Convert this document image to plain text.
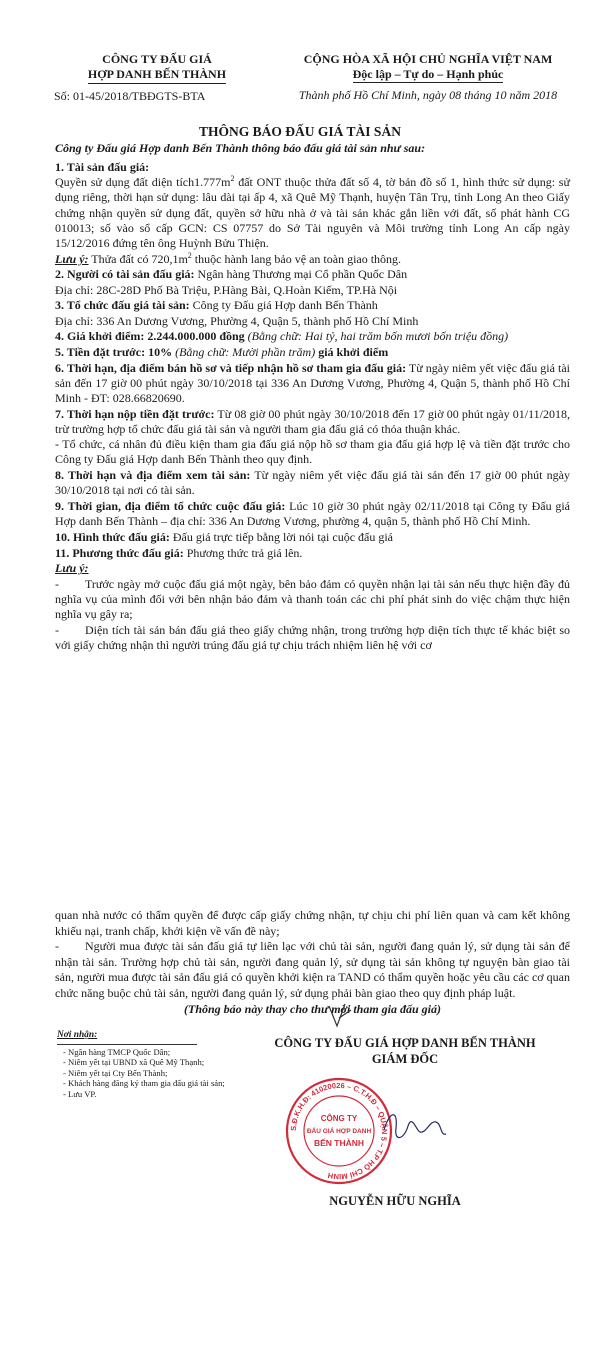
CÔNG TY ĐẤU GIÁ
HỢP DANH BẾN THÀNH
Số: 01-45/2018/TBĐGTS-BTA
CỘNG HÒA XÃ HỘI CHỦ NGHĨA VIỆT NAM
Độc lập – Tự do – Hạnh phúc
Thành phố Hồ Chí Minh, ngày 08 tháng 10 năm 2018
THÔNG BÁO ĐẤU GIÁ TÀI SẢN
Công ty Đấu giá Hợp danh Bến Thành thông báo đấu giá tài sản như sau:

1. Tài sản đấu giá:
Quyền sử dụng đất diện $tích1.777m^2$ đất ONT thuộc thửa đất số 4, tờ bản đồ số 1, hình thức sử dụng: sử dụng riêng, thời hạn sử dụng: lâu dài tại ấp 4, xã Quê Mỹ Thạnh, huyện Tân Trụ, tỉnh Long An theo Giấy chứng nhận quyền sử dụng đất, quyền sở hữu nhà ở và tài sản khác gắn liền với đất, số phát hành CG 010013; số vào sổ cấp GCN: CS 07757 do Sở Tài nguyên và Môi trường tỉnh Long An cấp ngày 15/12/2016 đứng tên ông Huỳnh Bửu Thiện.

Lưu ý: Thửa đất có $720,1m^2$ thuộc hành lang bảo vệ an toàn giao thông.

2. Người có tài sản đấu giá: Ngân hàng Thương mại Cổ phần Quốc Dân
Địa chỉ: 28C-28D Phố Bà Triệu, P.Hàng Bài, Q.Hoàn Kiếm, TP.Hà Nội

3. Tổ chức đấu giá tài sản: Công ty Đấu giá Hợp danh Bến Thành
Địa chỉ: 336 An Dương Vương, Phường 4, Quận 5, thành phố Hồ Chí Minh

4. Giá khởi điểm: 2.244.000.000 đồng (Bằng chữ: Hai tỷ, hai trăm bốn mươi bốn triệu đồng)

5. Tiền đặt trước: 10% (Bằng chữ: Mười phần trăm) giá khởi điểm

6. Thời hạn, địa điểm bán hồ sơ và tiếp nhận hồ sơ tham gia đấu giá: Từ ngày niêm yết việc đấu giá tài sản đến 17 giờ 00 phút ngày 30/10/2018 tại 336 An Dương Vương, Phường 4, Quận 5, thành phố Hồ Chí Minh - ĐT: 028.66820690.

7. Thời hạn nộp tiền đặt trước: Từ 08 giờ 00 phút ngày 30/10/2018 đến 17 giờ 00 phút ngày 01/11/2018, trừ trường hợp tổ chức đấu giá tài sản và người tham gia đấu giá có thỏa thuận khác.
- Tổ chức, cá nhân đủ điều kiện tham gia đấu giá nộp hồ sơ tham gia đấu giá hợp lệ và tiền đặt trước cho Công ty Đấu giá Hợp danh Bến Thành theo quy định.

8. Thời hạn và địa điểm xem tài sản: Từ ngày niêm yết việc đấu giá tài sản đến 17 giờ 00 phút ngày 30/10/2018 tại nơi có tài sản.

9. Thời gian, địa điểm tổ chức cuộc đấu giá: Lúc 10 giờ 30 phút ngày 02/11/2018 tại Công ty Đấu giá Hợp danh Bến Thành – địa chỉ: 336 An Dương Vương, phường 4, quận 5, thành phố Hồ Chí Minh.

10. Hình thức đấu giá: Đấu giá trực tiếp bằng lời nói tại cuộc đấu giá

11. Phương thức đấu giá: Phương thức trả giá lên.

Lưu ý:

- Trước ngày mở cuộc đấu giá một ngày, bên bảo đảm có quyền nhận lại tài sản nếu thực hiện đầy đủ nghĩa vụ của mình đối với bên nhận bảo đảm và thanh toán các chi phí phát sinh do việc chậm thực hiện nghĩa vụ gây ra;

- Diện tích tài sản bán đấu giá theo giấy chứng nhận, trong trường hợp diện tích thực tế khác biệt so với giấy chứng nhận thì người trúng đấu giá tự chịu trách nhiệm liên hệ với cơ

quan nhà nước có thẩm quyền để được cấp giấy chứng nhận, tự chịu chi phí liên quan và cam kết không khiếu nại, tranh chấp, khởi kiện về vấn đề này;

- Người mua được tài sản đấu giá tự liên lạc với chủ tài sản, người đang quản lý, sử dụng tài sản để nhận tài sản. Trường hợp chủ tài sản, người đang quản lý, sử dụng tài sản không tự nguyện bàn giao tài sản, người mua được tài sản đấu giá có quyền khởi kiện ra TAND có thẩm quyền hoặc yêu cầu các cơ quan chức năng buộc chủ tài sản, người đang quản lý, sử dụng phải bàn giao theo quy định pháp luật.

(Thông báo này thay cho thư mời tham gia đấu giá)

Nơi nhận:
- Ngân hàng TMCP Quốc Dân;
- Niêm yết tại UBND xã Quê Mỹ Thạnh;
- Niêm yết tại Cty Bến Thành;
- Khách hàng đăng ký tham gia đấu giá tài sản;
- Lưu VP.
CÔNG TY ĐẤU GIÁ HỢP DANH BẾN THÀNH
GIÁM ĐỐC
S.Đ.K.H.Đ: 41020026 – C.T.H.Đ – QUẬN 5 – T.P HỒ CHÍ MINH
CÔNG TY
ĐẤU GIÁ HỢP DANH
BẾN THÀNH
NGUYỄN HỮU NGHĨA
